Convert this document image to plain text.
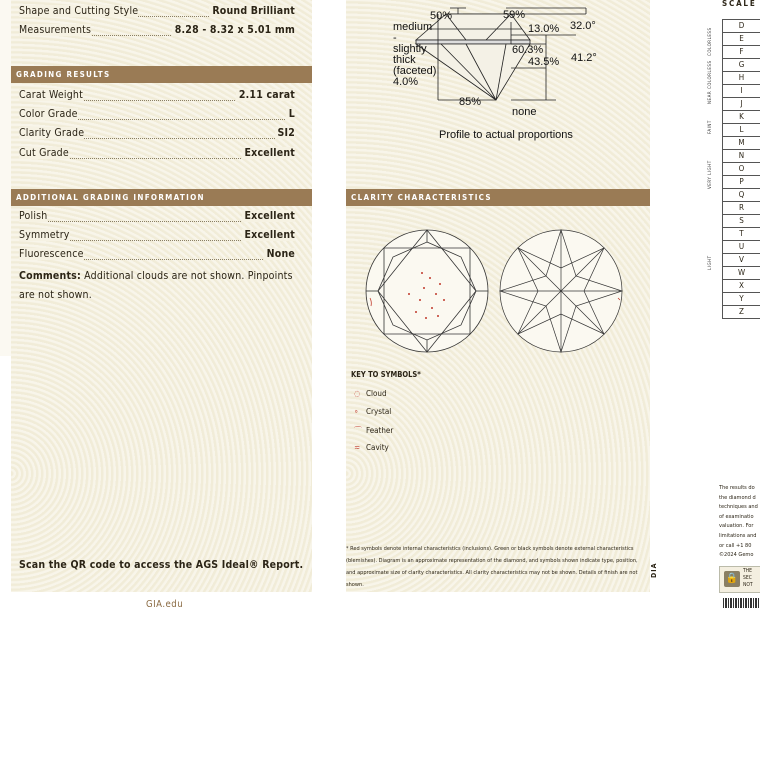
Shape and Cutting Style	Round Brilliant
Measurements	8.28 - 8.32 x 5.01 mm
GRADING RESULTS
Carat Weight	2.11 carat
Color Grade	L
Clarity Grade	SI2
Cut Grade	Excellent
ADDITIONAL GRADING INFORMATION
Polish	Excellent
Symmetry	Excellent
Fluorescence	None
Comments: Additional clouds are not shown. Pinpoints are not shown.
Scan the QR code to access the AGS Ideal® Report.
GIA.edu
50%	59%
13.0% 32.0°
medium
-
slightly
thick
(faceted)
4.0%
60.3%
43.5% 41.2°
85%
none
Profile to actual proportions
CLARITY CHARACTERISTICS
KEY TO SYMBOLS*
◌ Cloud
∘ Crystal
⌒ Feather
≂ Cavity
* Red symbols denote internal characteristics (inclusions). Green or black symbols denote external characteristics (blemishes). Diagram is an approximate representation of the diamond, and symbols shown indicate type, position, and approximate size of clarity characteristics. All clarity characteristics may not be shown. Details of finish are not shown.
DIA
SCALE
D
E
F
G
H
I
J
K
L
M
N
O
P
Q
R
S
T
U
V
W
X
Y
Z
COLORLESS
NEAR COLORLESS
FAINT
VERY LIGHT
LIGHT
The results do
the diamond d
techniques and
of examinatio
valuation. For
limitations and
or call +1 80
©2024 Gemo
🔒
THE
SEC
NOT
